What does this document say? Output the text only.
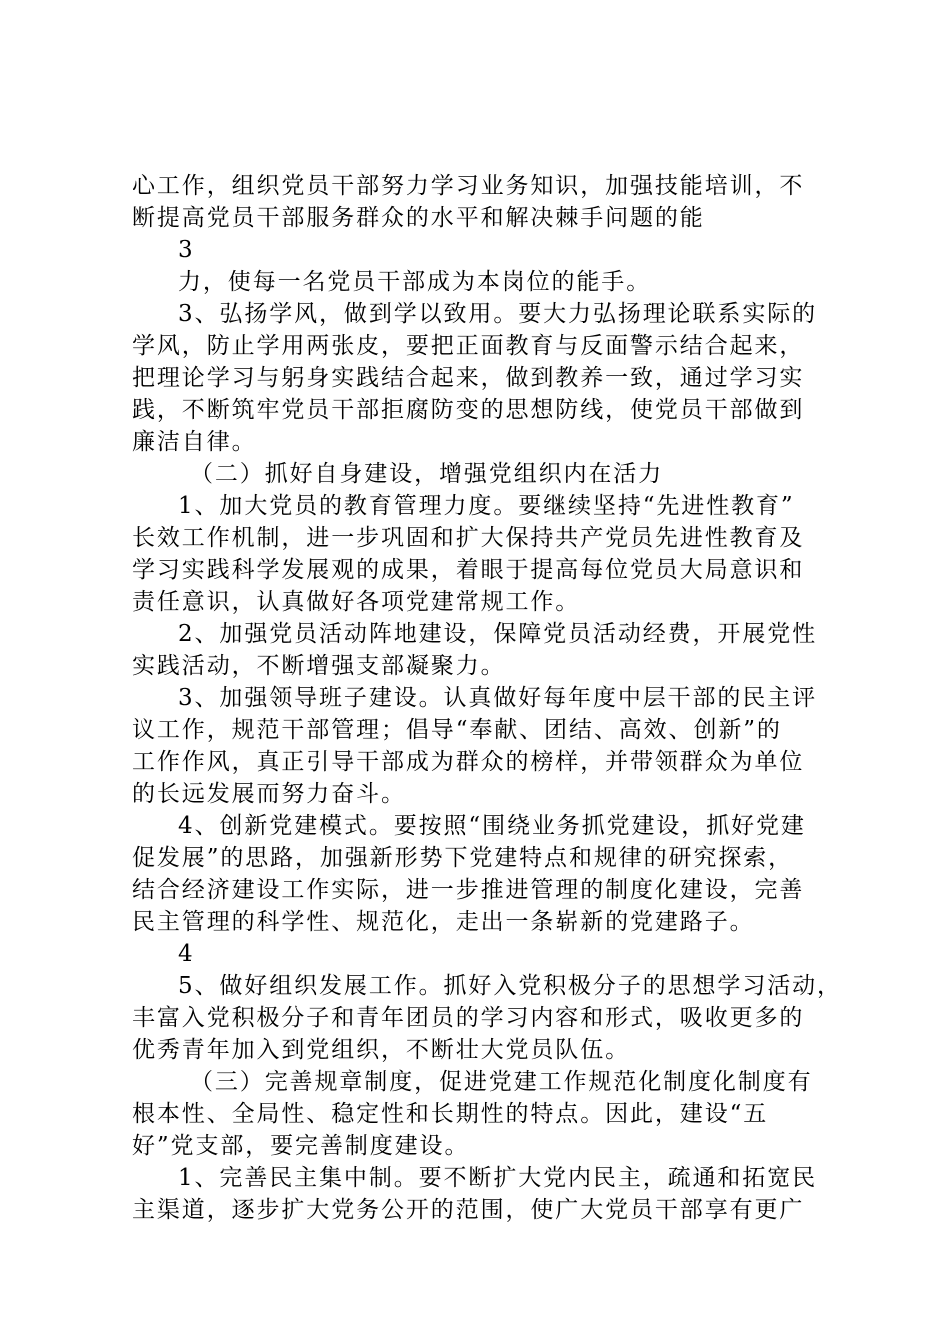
心工作，组织党员干部努力学习业务知识，加强技能培训，不
断提高党员干部服务群众的水平和解决棘手问题的能
3
力，使每一名党员干部成为本岗位的能手。
3、弘扬学风，做到学以致用。要大力弘扬理论联系实际的
学风，防止学用两张皮，要把正面教育与反面警示结合起来，
把理论学习与躬身实践结合起来，做到教养一致，通过学习实
践，不断筑牢党员干部拒腐防变的思想防线，使党员干部做到
廉洁自律。
（二）抓好自身建设，增强党组织内在活力
1、加大党员的教育管理力度。要继续坚持“先进性教育”
长效工作机制，进一步巩固和扩大保持共产党员先进性教育及
学习实践科学发展观的成果，着眼于提高每位党员大局意识和
责任意识，认真做好各项党建常规工作。
2、加强党员活动阵地建设，保障党员活动经费，开展党性
实践活动，不断增强支部凝聚力。
3、加强领导班子建设。认真做好每年度中层干部的民主评
议工作，规范干部管理；倡导“奉献、团结、高效、创新”的
工作作风，真正引导干部成为群众的榜样，并带领群众为单位
的长远发展而努力奋斗。
4、创新党建模式。要按照“围绕业务抓党建设，抓好党建
促发展”的思路，加强新形势下党建特点和规律的研究探索，
结合经济建设工作实际，进一步推进管理的制度化建设，完善
民主管理的科学性、规范化，走出一条崭新的党建路子。
4
5、做好组织发展工作。抓好入党积极分子的思想学习活动，
丰富入党积极分子和青年团员的学习内容和形式，吸收更多的
优秀青年加入到党组织，不断壮大党员队伍。
（三）完善规章制度，促进党建工作规范化制度化制度有
根本性、全局性、稳定性和长期性的特点。因此，建设“五
好”党支部，要完善制度建设。
1、完善民主集中制。要不断扩大党内民主，疏通和拓宽民
主渠道，逐步扩大党务公开的范围，使广大党员干部享有更广
